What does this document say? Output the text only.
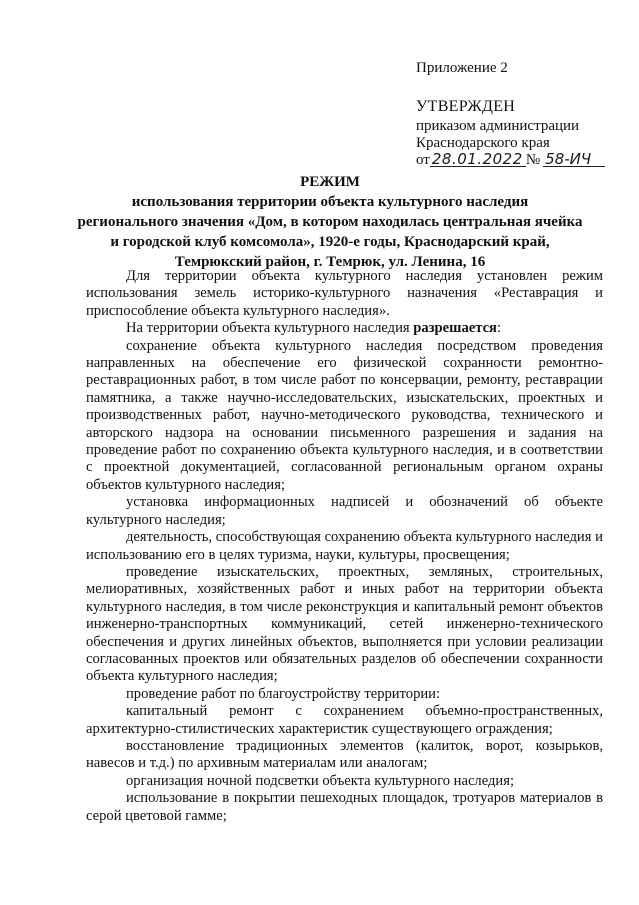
Приложение 2
УТВЕРЖДЕН
приказом администрации
Краснодарского края
от 28.01.2022 № 58-ИЧ
РЕЖИМ
использования территории объекта культурного наследия
регионального значения «Дом, в котором находилась центральная ячейка
и городской клуб комсомола», 1920-е годы, Краснодарский край,
Темрюкский район, г. Темрюк, ул. Ленина, 16

Для территории объекта культурного наследия установлен режим использования земель историко-культурного назначения «Реставрация и приспособление объекта культурного наследия».

На территории объекта культурного наследия разрешается:

сохранение объекта культурного наследия посредством проведения направленных на обеспечение его физической сохранности ремонтно-реставрационных работ, в том числе работ по консервации, ремонту, реставрации памятника, а также научно-исследовательских, изыскательских, проектных и производственных работ, научно-методического руководства, технического и авторского надзора на основании письменного разрешения и задания на проведение работ по сохранению объекта культурного наследия, и в соответствии с проектной документацией, согласованной региональным органом охраны объектов культурного наследия;

установка информационных надписей и обозначений об объекте культурного наследия;

деятельность, способствующая сохранению объекта культурного наследия и использованию его в целях туризма, науки, культуры, просвещения;

проведение изыскательских, проектных, земляных, строительных, мелиоративных, хозяйственных работ и иных работ на территории объекта культурного наследия, в том числе реконструкция и капитальный ремонт объектов инженерно-транспортных коммуникаций, сетей инженерно-технического обеспечения и других линейных объектов, выполняется при условии реализации согласованных проектов или обязательных разделов об обеспечении сохранности объекта культурного наследия;

проведение работ по благоустройству территории:

капитальный ремонт с сохранением объемно-пространственных, архитектурно-стилистических характеристик существующего ограждения;

восстановление традиционных элементов (калиток, ворот, козырьков, навесов и т.д.) по архивным материалам или аналогам;

организация ночной подсветки объекта культурного наследия;

использование в покрытии пешеходных площадок, тротуаров материалов в серой цветовой гамме;
